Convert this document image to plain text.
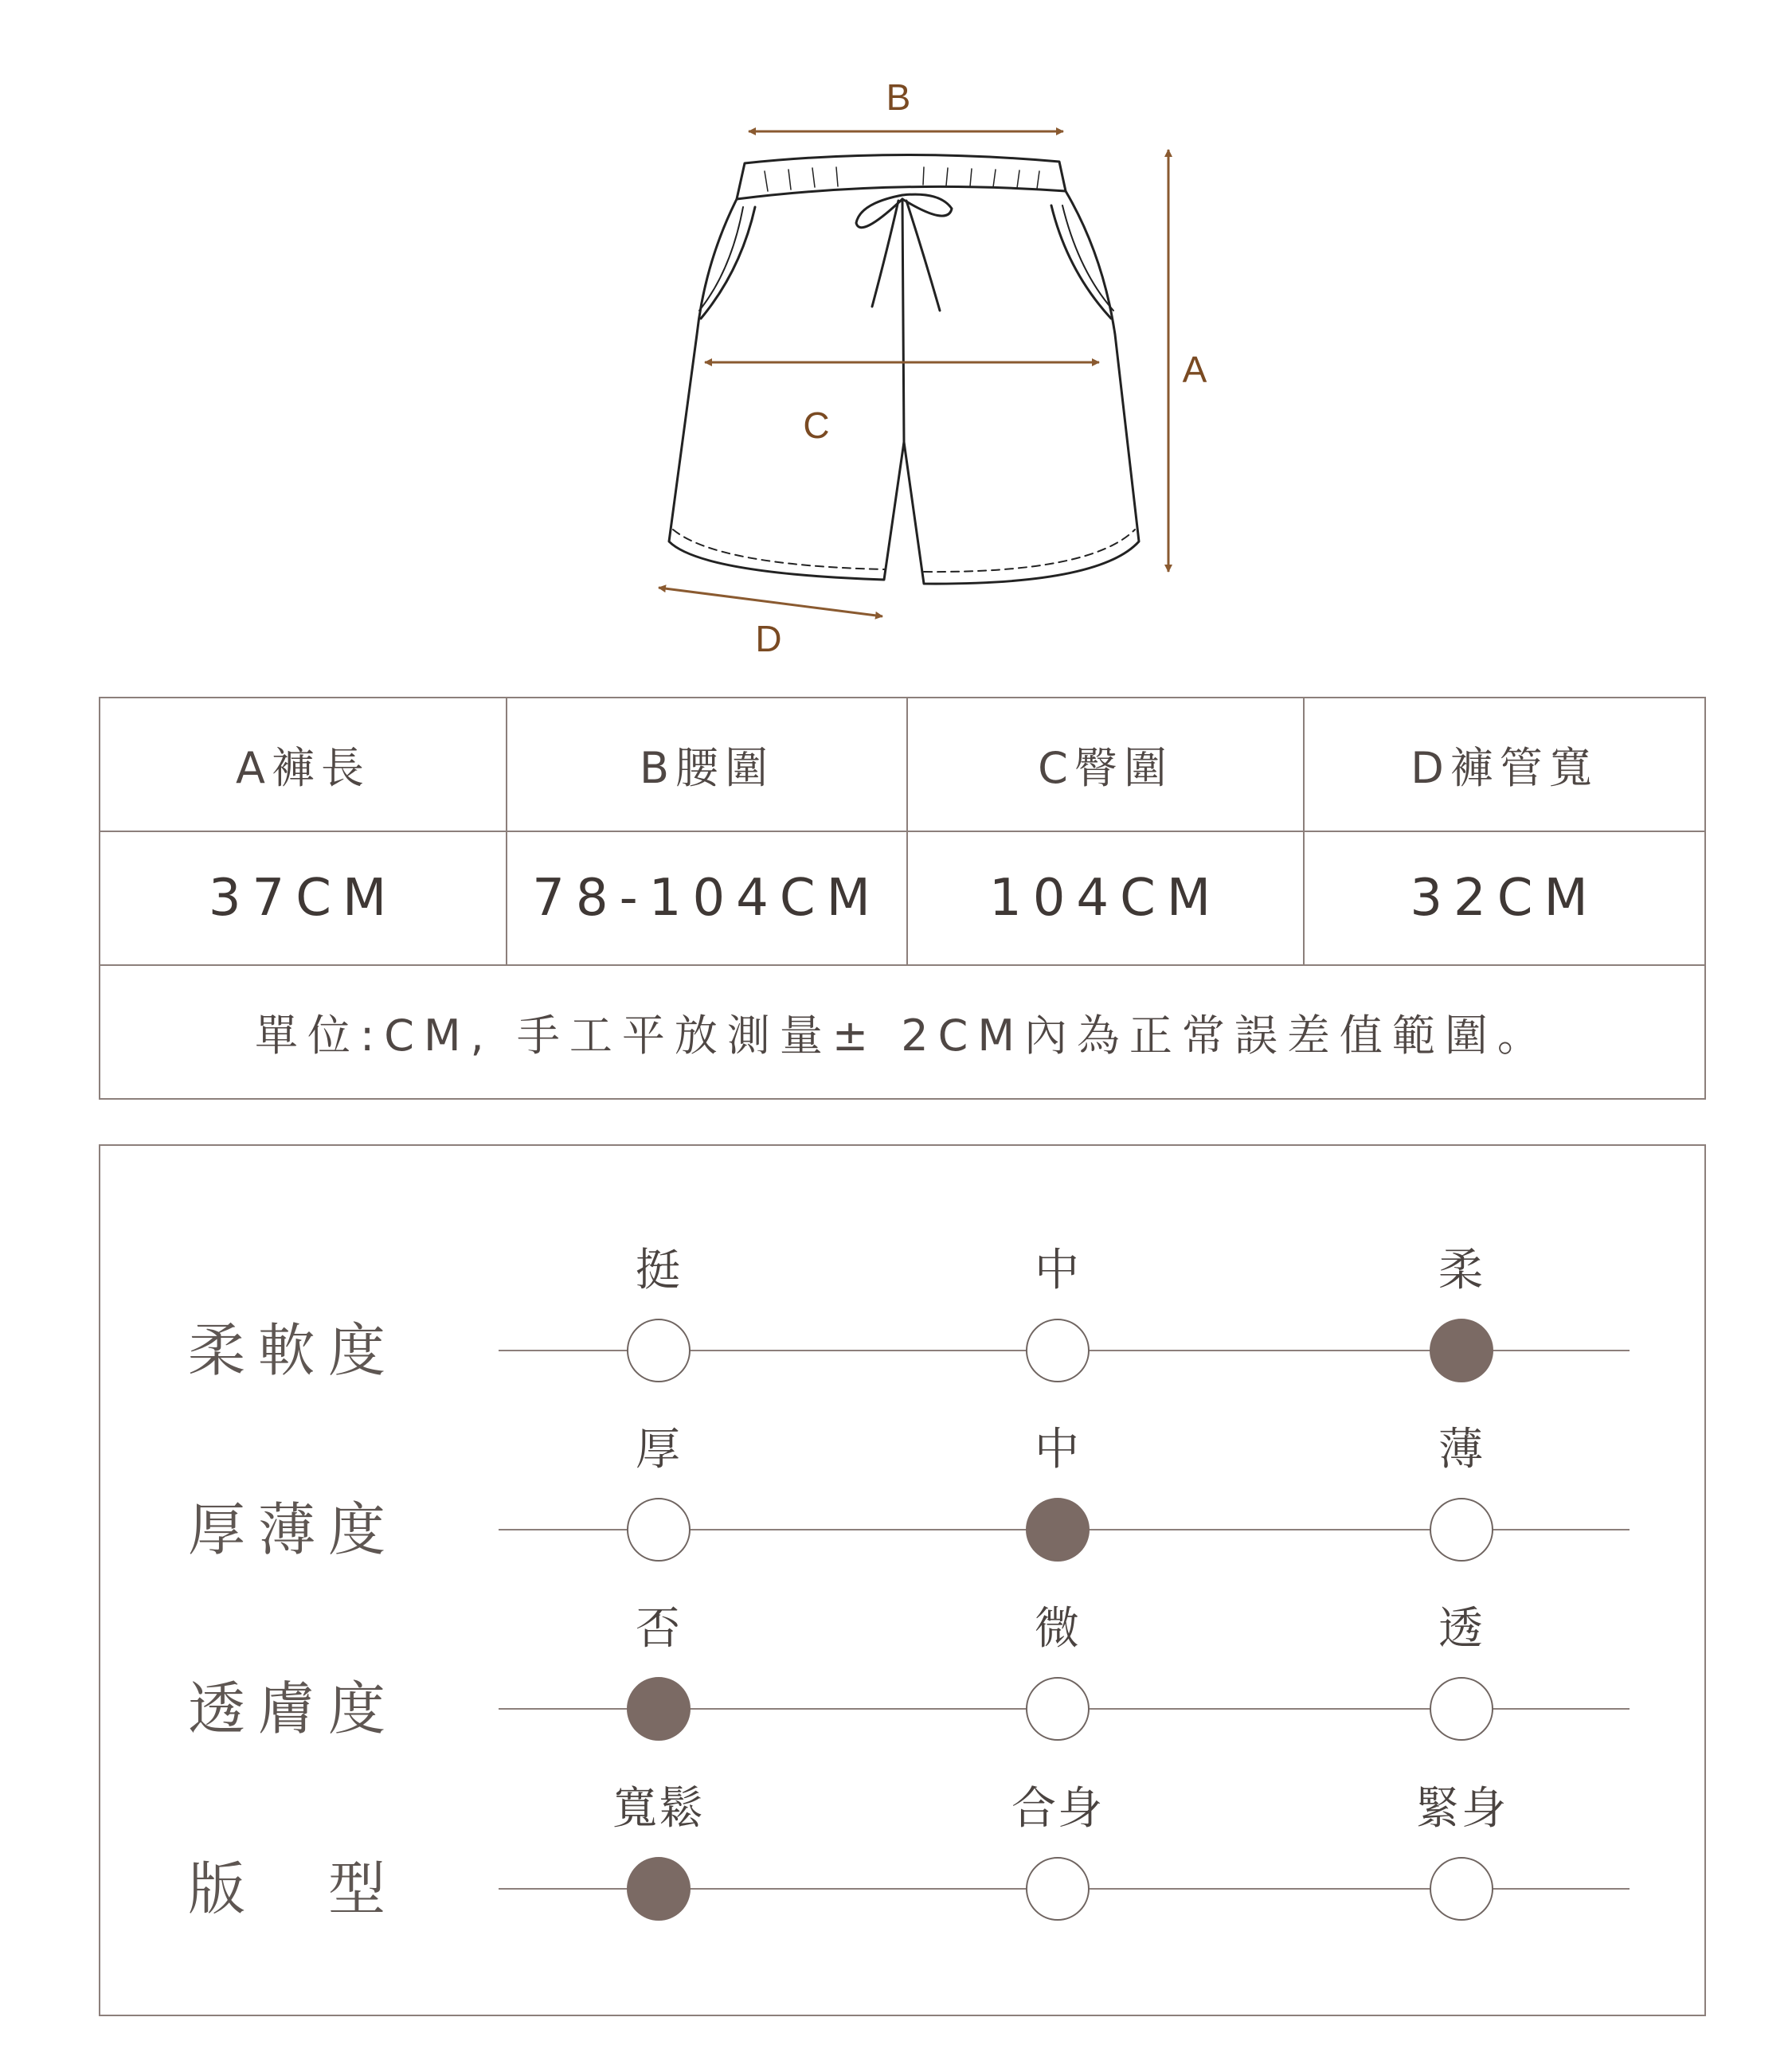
B
A
C
D
A褲長	B腰圍	C臀圍	D褲管寬
37CM	78-104CM	104CM	32CM
單位:CM, 手工平放測量± 2CM內為正常誤差值範圍。
柔軟度
挺	中	柔
厚薄度
厚	中	薄
透膚度
否	微	透
版　型
寬鬆	合身	緊身
